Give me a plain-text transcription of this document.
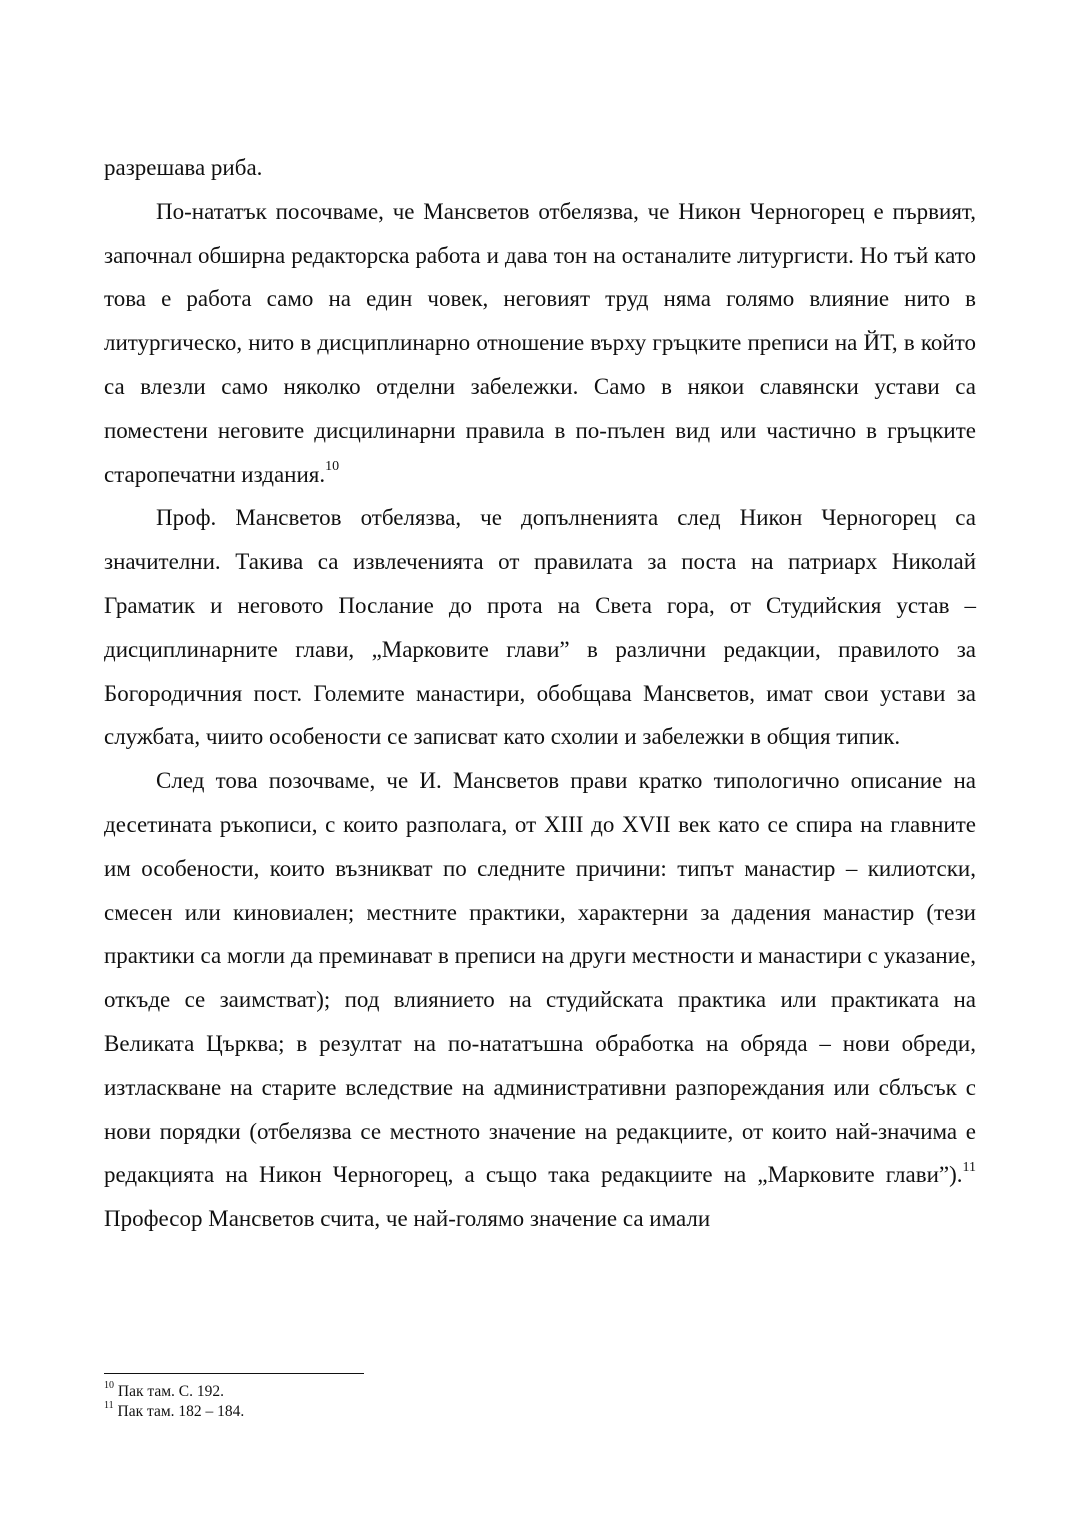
разрешава риба.

По-нататък посочваме, че Мансветов отбелязва, че Никон Черногорец е първият, започнал обширна редакторска работа и дава тон на останалите литургисти. Но тъй като това е работа само на един човек, неговият труд няма голямо влияние нито в литургическо, нито в дисциплинарно отношение върху гръцките преписи на ЙТ, в който са влезли само няколко отделни забележки. Само в някои славянски устави са поместени неговите дисцилинарни правила в по-пълен вид или частично в гръцките старопечатни издания.$^{10}$

Проф. Мансветов отбелязва, че допълненията след Никон Черногорец са значителни. Такива са извлеченията от правилата за поста на патриарх Николай Граматик и неговото Послание до прота на Света гора, от Студийския устав – дисциплинарните глави, „Марковите глави” в различни редакции, правилото за Богородичния пост. Големите манастири, обобщава Мансветов, имат свои устави за службата, чиито особености се записват като схолии и забележки в общия типик.

След това позочваме, че И. Мансветов прави кратко типологично описание на десетината ръкописи, с които разполага, от XIII до XVII век като се спира на главните им особености, които възникват по следните причини: типът манастир – килиотски, смесен или киновиален; местните практики, характерни за дадения манастир (тези практики са могли да преминават в преписи на други местности и манастири с указание, откъде се заимстват); под влиянието на студийската практика или практиката на Великата Църква; в резултат на по-нататъшна обработка на обряда – нови обреди, изтласкване на старите вследствие на административни разпореждания или сблъсък с нови порядки (отбелязва се местното значение на редакциите, от които най-значима е редакцията на Никон Черногорец, а също така редакциите на „Марковите глави”).$^{11}$ Професор Мансветов счита, че най-голямо значение са имали

$^{10}$ Пак там. С. 192.

$^{11}$ Пак там. 182 – 184.
